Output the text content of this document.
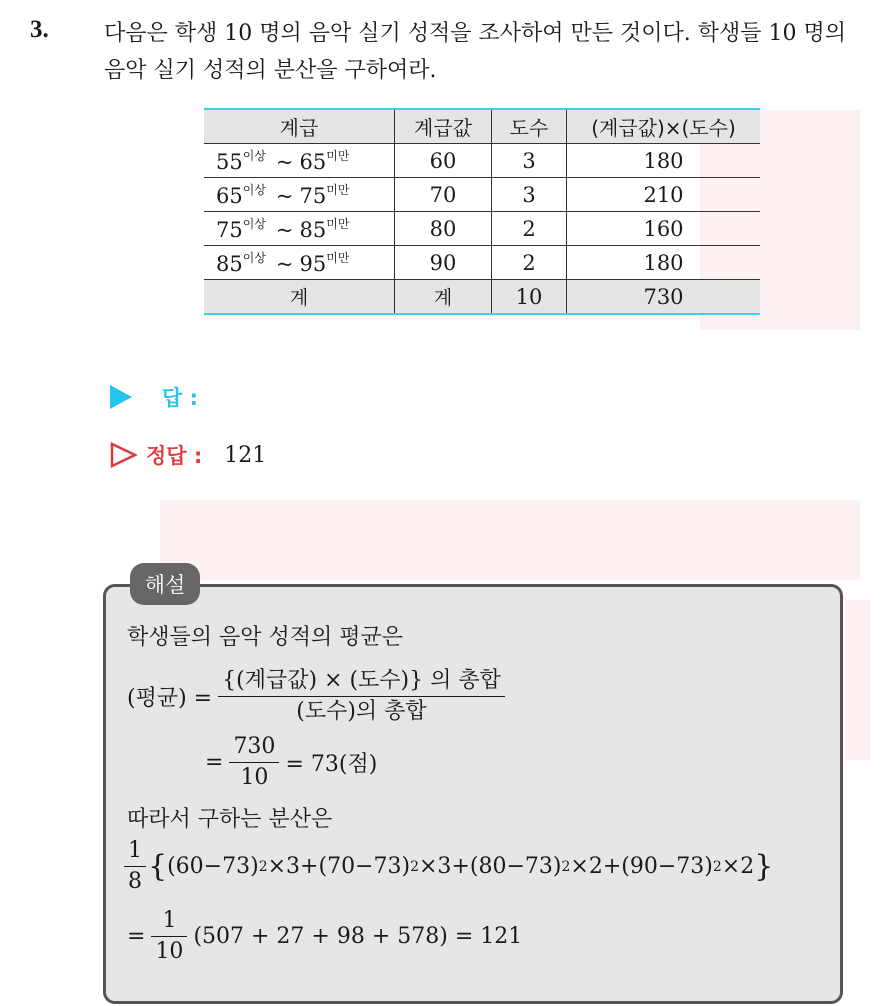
3.	다음은 학생 10 명의 음악 실기 성적을 조사하여 만든 것이다. 학생들 10 명의 음악 실기 성적의 분산을 구하여라.
계급	계급값	도수	(계급값)×(도수)
$55^{이상}$ ~ $65^{미만}$	60	3	180
$65^{이상}$ ~ $75^{미만}$	70	3	210
$75^{이상}$ ~ $85^{미만}$	80	2	160
$85^{이상}$ ~ $95^{미만}$	90	2	180
계	계	10	730
답 :
정답 : 121
해설
학생들의 음악 성적의 평균은
(평균) = $\frac{\text{\{(계급값) × (도수)\} 의 총합}}{\text{(도수)의 총합}}$
= $\frac{730}{10} = 73$(점)
따라서 구하는 분산은
$\frac{1}{8}$ { (60−73) 2 ×3 + (70−73) 2 ×3 + (80−73) 2 ×2 + (90−73) 2 ×2 }
= $\frac{1}{10} (507 + 27 + 98 + 578) = 121$
